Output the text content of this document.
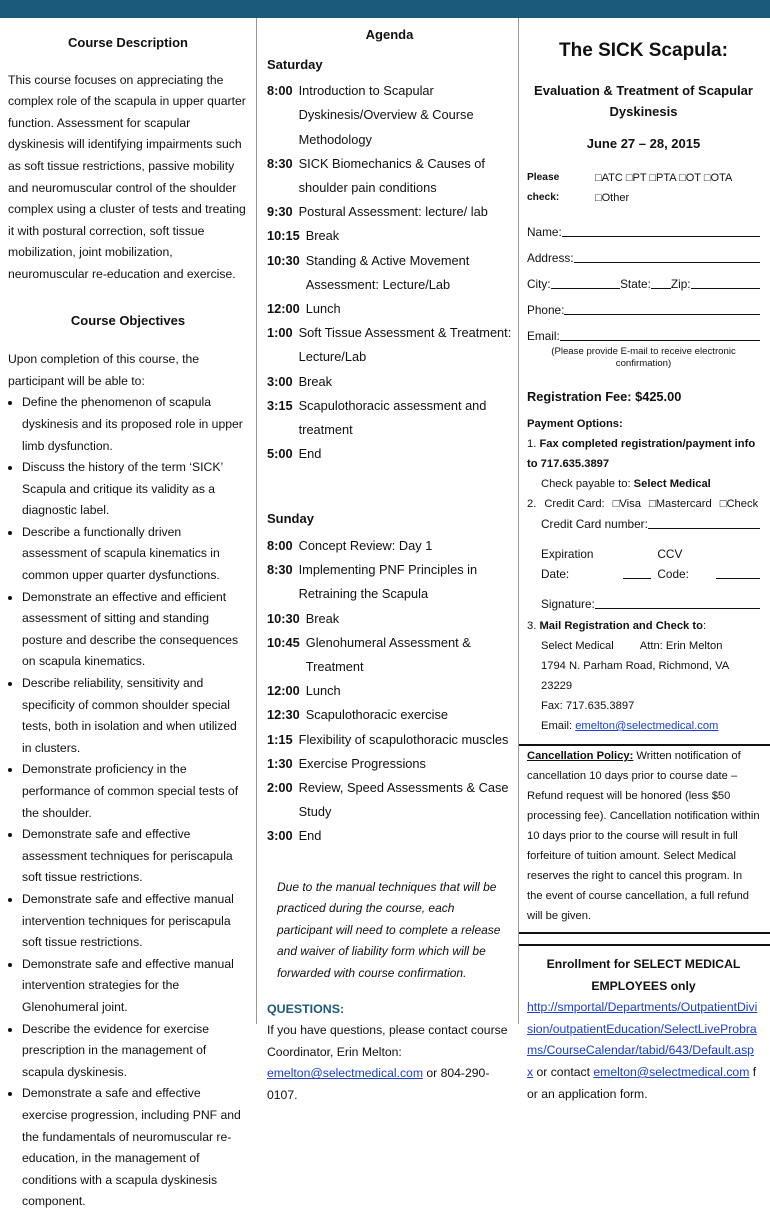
Course Description
This course focuses on appreciating the complex role of the scapula in upper quarter function. Assessment for scapular dyskinesis will identifying impairments such as soft tissue restrictions, passive mobility and neuromuscular control of the shoulder complex using a cluster of tests and treating it with postural correction, soft tissue mobilization, joint mobilization, neuromuscular re-education and exercise.
Course Objectives
Upon completion of this course, the participant will be able to:
• Define the phenomenon of scapula dyskinesis and its proposed role in upper limb dysfunction.
• Discuss the history of the term ‘SICK’ Scapula and critique its validity as a diagnostic label.
• Describe a functionally driven assessment of scapula kinematics in common upper quarter dysfunctions.
• Demonstrate an effective and efficient assessment of sitting and standing posture and describe the consequences on scapula kinematics.
• Describe reliability, sensitivity and specificity of common shoulder special tests, both in isolation and when utilized in clusters.
• Demonstrate proficiency in the performance of common special tests of the shoulder.
• Demonstrate safe and effective assessment techniques for periscapula soft tissue restrictions.
• Demonstrate safe and effective manual intervention techniques for periscapula soft tissue restrictions.
• Demonstrate safe and effective manual intervention strategies for the Glenohumeral joint.
• Describe the evidence for exercise prescription in the management of scapula dyskinesis.
• Demonstrate a safe and effective exercise progression, including PNF and the fundamentals of neuromuscular re-education, in the management of conditions with a scapula dyskinesis component.
Agenda
Saturday
8:00 Introduction to Scapular Dyskinesis/Overview & Course Methodology
8:30 SICK Biomechanics & Causes of shoulder pain conditions
9:30 Postural Assessment: lecture/ lab
10:15 Break
10:30 Standing & Active Movement Assessment: Lecture/Lab
12:00 Lunch
1:00 Soft Tissue Assessment & Treatment: Lecture/Lab
3:00 Break
3:15 Scapulothoracic assessment and treatment
5:00 End
Sunday
8:00 Concept Review: Day 1
8:30 Implementing PNF Principles in Retraining the Scapula
10:30 Break
10:45 Glenohumeral Assessment & Treatment
12:00 Lunch
12:30 Scapulothoracic exercise
1:15 Flexibility of scapulothoracic muscles
1:30 Exercise Progressions
2:00 Review, Speed Assessments & Case Study
3:00 End
Due to the manual techniques that will be practiced during the course, each participant will need to complete a release and waiver of liability form which will be forwarded with course confirmation.
QUESTIONS:
If you have questions, please contact course Coordinator, Erin Melton:
emelton@selectmedical.com or 804-290-0107.
The SICK Scapula:
Evaluation & Treatment of Scapular Dyskinesis
June 27 – 28, 2015
Please check:
□ATC □PT □PTA □OT □OTA □Other
Name:
Address:
City:	State: Zip:
Phone:
Email:
(Please provide E-mail to receive electronic confirmation)
Registration Fee: $425.00
Payment Options:
1. Fax completed registration/payment info to 717.635.3897
Check payable to: Select Medical
2. Credit Card: □Visa □Mastercard □Check
Credit Card number:
Expiration Date:
CCV Code:
Signature:
3. Mail Registration and Check to:
Select Medical Attn: Erin Melton
1794 N. Parham Road, Richmond, VA 23229
Fax: 717.635.3897
Email: emelton@selectmedical.com
Cancellation Policy: Written notification of cancellation 10 days prior to course date – Refund request will be honored (less $50 processing fee). Cancellation notification within 10 days prior to the course will result in full forfeiture of tuition amount. Select Medical reserves the right to cancel this program. In the event of course cancellation, a full refund will be given.
Enrollment for SELECT MEDICAL EMPLOYEES only
http://smportal/Departments/OutpatientDivision/outpatientEducation/SelectLiveProbrams/CourseCalendar/tabid/643/Default.aspx or contact emelton@selectmedical.com for an application form.
